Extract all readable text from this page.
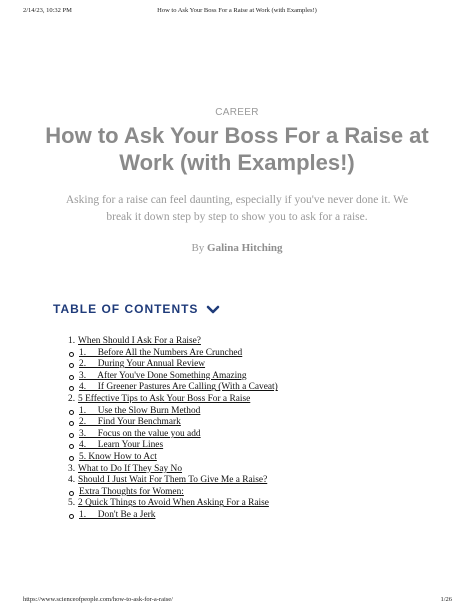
2/14/23, 10:32 PM	How to Ask Your Boss For a Raise at Work (with Examples!)
CAREER
How to Ask Your Boss For a Raise at Work (with Examples!)

Asking for a raise can feel daunting, especially if you've never done it. We break it down step by step to show you to ask for a raise.

By Galina Hitching
TABLE OF CONTENTS
1. When Should I Ask For a Raise?
1.     Before All the Numbers Are Crunched
2.     During Your Annual Review
3.     After You've Done Something Amazing
4.     If Greener Pastures Are Calling (With a Caveat)
2. 5 Effective Tips to Ask Your Boss For a Raise
1.     Use the Slow Burn Method
2.     Find Your Benchmark
3.     Focus on the value you add
4.     Learn Your Lines
5. Know How to Act
3. What to Do If They Say No
4. Should I Just Wait For Them To Give Me a Raise?
Extra Thoughts for Women:
5. 2 Quick Things to Avoid When Asking For a Raise
1.     Don't Be a Jerk
https://www.scienceofpeople.com/how-to-ask-for-a-raise/	1/26
